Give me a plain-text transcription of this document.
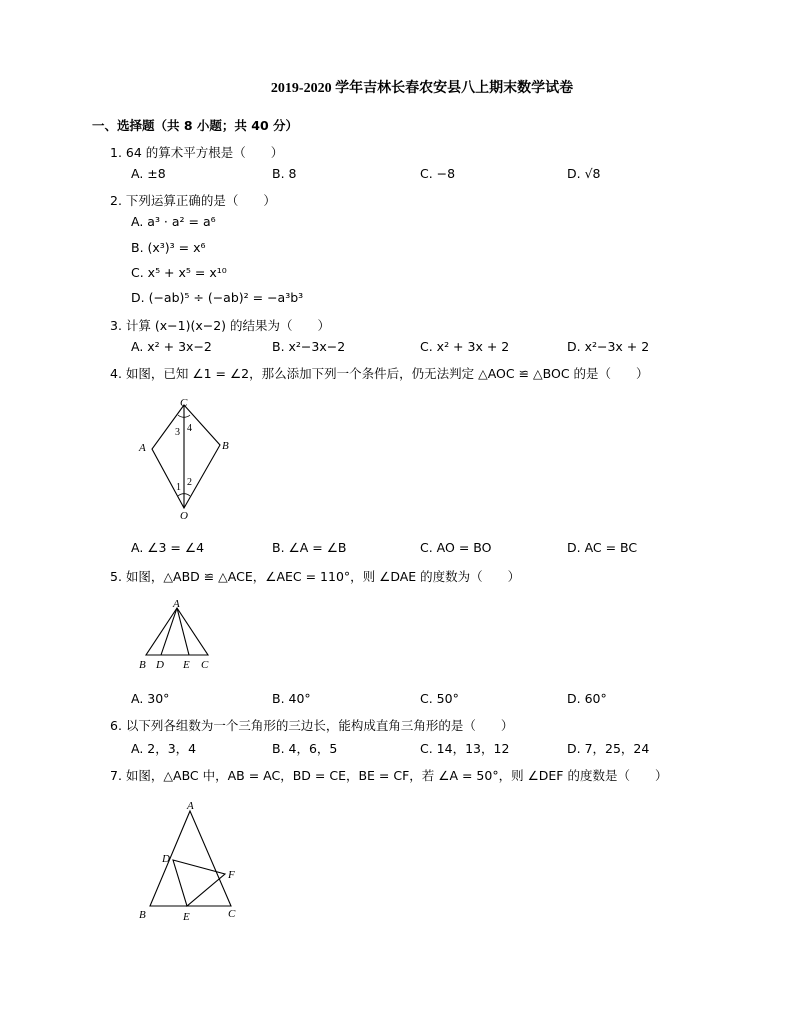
2019-2020 学年吉林长春农安县八上期末数学试卷
一、选择题（共 8 小题；共 40 分）
1. 64 的算术平方根是（　　）
A. ±8	B. 8	C. −8	D. √8
2. 下列运算正确的是（　　）
A. a³ · a² = a⁶
B. (x³)³ = x⁶
C. x⁵ + x⁵ = x¹⁰
D. (−ab)⁵ ÷ (−ab)² = −a³b³
3. 计算 (x−1)(x−2) 的结果为（　　）
A. x² + 3x−2	B. x²−3x−2	C. x² + 3x + 2	D. x²−3x + 2
4. 如图，已知 ∠1 = ∠2，那么添加下列一个条件后，仍无法判定 △AOC ≌ △BOC 的是（　　）
C
A	B
O
3 4
1 2
A. ∠3 = ∠4	B. ∠A = ∠B	C. AO = BO	D. AC = BC
5. 如图，△ABD ≌ △ACE，∠AEC = 110°，则 ∠DAE 的度数为（　　）
A
B D E C
A. 30°	B. 40°	C. 50°	D. 60°
6. 以下列各组数为一个三角形的三边长，能构成直角三角形的是（　　）
A. 2，3，4	B. 4，6，5	C. 14，13，12	D. 7，25，24
7. 如图，△ABC 中，AB = AC，BD = CE，BE = CF，若 ∠A = 50°，则 ∠DEF 的度数是（　　）
A
D
F
B	E	C
